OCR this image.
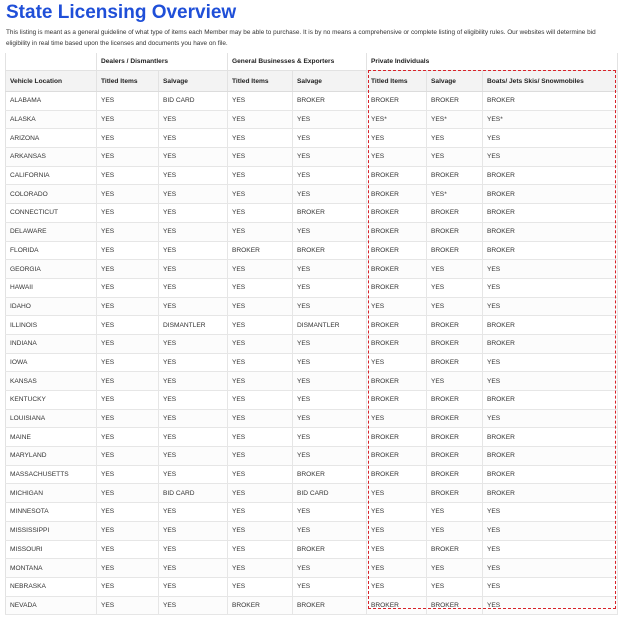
State Licensing Overview

This listing is meant as a general guideline of what type of items each Member may be able to purchase. It is by no means a comprehensive or complete listing of eligibility rules. Our websites will determine bid eligibility in real time based upon the licenses and documents you have on file.

	Dealers / Dismantlers		General Businesses & Exporters		Private Individuals		
Vehicle Location	Titled Items	Salvage	Titled Items	Salvage	Titled Items	Salvage	Boats/ Jets Skis/ Snowmobiles
ALABAMA	YES	BID CARD	YES	BROKER	BROKER	BROKER	BROKER
ALASKA	YES	YES	YES	YES	YES*	YES*	YES*
ARIZONA	YES	YES	YES	YES	YES	YES	YES
ARKANSAS	YES	YES	YES	YES	YES	YES	YES
CALIFORNIA	YES	YES	YES	YES	BROKER	BROKER	BROKER
COLORADO	YES	YES	YES	YES	BROKER	YES*	BROKER
CONNECTICUT	YES	YES	YES	BROKER	BROKER	BROKER	BROKER
DELAWARE	YES	YES	YES	YES	BROKER	BROKER	BROKER
FLORIDA	YES	YES	BROKER	BROKER	BROKER	BROKER	BROKER
GEORGIA	YES	YES	YES	YES	BROKER	YES	YES
HAWAII	YES	YES	YES	YES	BROKER	YES	YES
IDAHO	YES	YES	YES	YES	YES	YES	YES
ILLINOIS	YES	DISMANTLER	YES	DISMANTLER	BROKER	BROKER	BROKER
INDIANA	YES	YES	YES	YES	BROKER	BROKER	BROKER
IOWA	YES	YES	YES	YES	YES	BROKER	YES
KANSAS	YES	YES	YES	YES	BROKER	YES	YES
KENTUCKY	YES	YES	YES	YES	BROKER	BROKER	BROKER
LOUISIANA	YES	YES	YES	YES	YES	BROKER	YES
MAINE	YES	YES	YES	YES	BROKER	BROKER	BROKER
MARYLAND	YES	YES	YES	YES	BROKER	BROKER	BROKER
MASSACHUSETTS	YES	YES	YES	BROKER	BROKER	BROKER	BROKER
MICHIGAN	YES	BID CARD	YES	BID CARD	YES	BROKER	BROKER
MINNESOTA	YES	YES	YES	YES	YES	YES	YES
MISSISSIPPI	YES	YES	YES	YES	YES	YES	YES
MISSOURI	YES	YES	YES	BROKER	YES	BROKER	YES
MONTANA	YES	YES	YES	YES	YES	YES	YES
NEBRASKA	YES	YES	YES	YES	YES	YES	YES
NEVADA	YES	YES	BROKER	BROKER	BROKER	BROKER	YES
